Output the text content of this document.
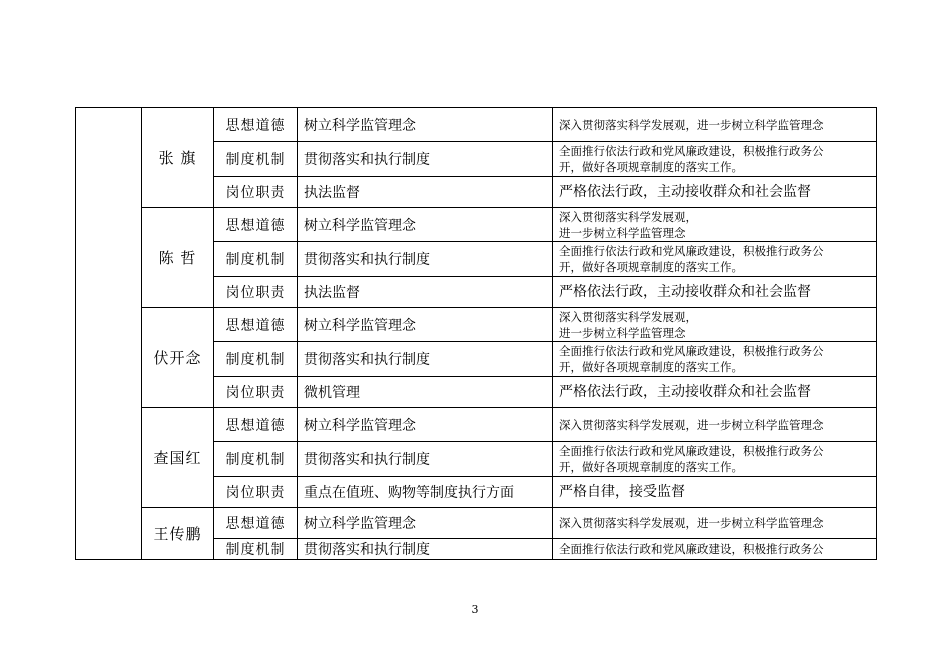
	张 旗	思想道德	树立科学监管理念	深入贯彻落实科学发展观，进一步树立科学监管理念

		制度机制	贯彻落实和执行制度	全面推行依法行政和党风廉政建设，积极推行政务公
开，做好各项规章制度的落实工作。

		岗位职责	执法监督	严格依法行政，主动接收群众和社会监督

	陈 哲	思想道德	树立科学监管理念	深入贯彻落实科学发展观，
进一步树立科学监管理念

		制度机制	贯彻落实和执行制度	全面推行依法行政和党风廉政建设，积极推行政务公
开，做好各项规章制度的落实工作。

		岗位职责	执法监督	严格依法行政，主动接收群众和社会监督

	伏开念	思想道德	树立科学监管理念	深入贯彻落实科学发展观，
进一步树立科学监管理念

		制度机制	贯彻落实和执行制度	全面推行依法行政和党风廉政建设，积极推行政务公
开，做好各项规章制度的落实工作。

		岗位职责	微机管理	严格依法行政，主动接收群众和社会监督

	查国红	思想道德	树立科学监管理念	深入贯彻落实科学发展观，进一步树立科学监管理念

		制度机制	贯彻落实和执行制度	全面推行依法行政和党风廉政建设，积极推行政务公
开，做好各项规章制度的落实工作。

		岗位职责	重点在值班、购物等制度执行方面	严格自律，接受监督

	王传鹏	思想道德	树立科学监管理念	深入贯彻落实科学发展观，进一步树立科学监管理念

		制度机制	贯彻落实和执行制度	全面推行依法行政和党风廉政建设，积极推行政务公
3
